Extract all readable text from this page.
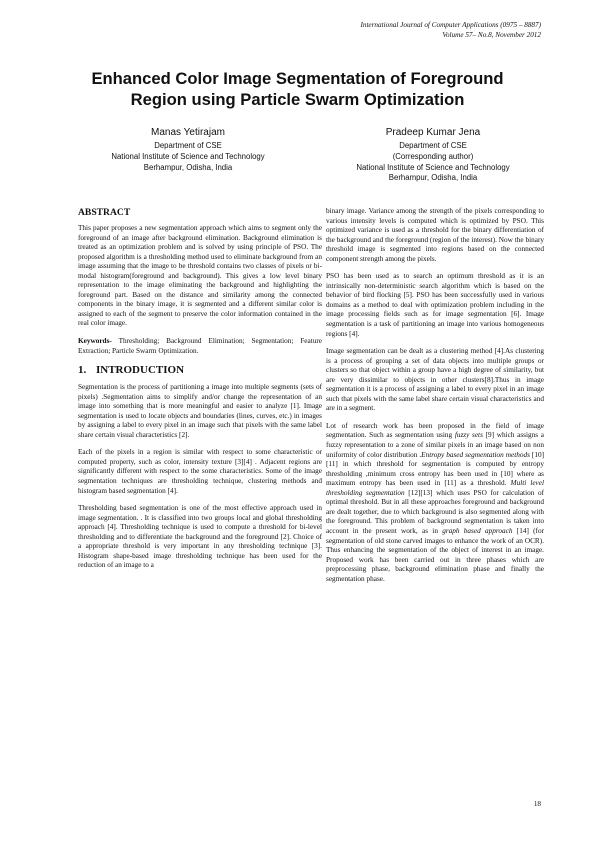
International Journal of Computer Applications (0975 – 8887)
Volume 57– No.8, November 2012
Enhanced Color Image Segmentation of Foreground
Region using Particle Swarm Optimization
Manas Yetirajam
Department of CSE
National Institute of Science and Technology
Berhampur, Odisha, India
Pradeep Kumar Jena
Department of CSE
(Corresponding author)
National Institute of Science and Technology
Berhampur, Odisha, India
ABSTRACT

This paper proposes a new segmentation approach which aims to segment only the foreground of an image after background elimination. Background elimination is treated as an optimization problem and is solved by using principle of PSO. The proposed algorithm is a thresholding method used to eliminate background from an image assuming that the image to be threshold contains two classes of pixels or bi-modal histogram(foreground and background). This gives a low level binary representation to the image eliminating the background and highlighting the foreground part. Based on the distance and similarity among the connected components in the binary image, it is segmented and a different similar color is assigned to each of the segment to preserve the color information contained in the real color image.

Keywords- Thresholding; Background Elimination; Segmentation; Feature Extraction; Particle Swarm Optimization.

1. INTRODUCTION

Segmentation is the process of partitioning a image into multiple segments (sets of pixels) .Segmentation aims to simplify and/or change the representation of an image into something that is more meaningful and easier to analyze [1]. Image segmentation is used to locate objects and boundaries (lines, curves, etc.) in images by assigning a label to every pixel in an image such that pixels with the same label share certain visual characteristics [2].

Each of the pixels in a region is similar with respect to some characteristic or computed property, such as color, intensity texture [3][4] . Adjacent regions are significantly different with respect to the some characteristics. Some of the image segmentation techniques are thresholding technique, clustering methods and histogram based segmentation [4].

Thresholding based segmentation is one of the most effective approach used in image segmentation. . It is classified into two groups local and global thresholding approach [4]. Thresholding technique is used to compute a threshold for bi-level thresholding and to differentiate the background and the foreground [2]. Choice of a appropriate threshold is very important in any thresholding technique [3]. Histogram shape-based image thresholding technique has been used for the reduction of an image to a

binary image. Variance among the strength of the pixels corresponding to various intensity levels is computed which is optimized by PSO. This optimized variance is used as a threshold for the binary differentiation of the background and the foreground (region of the interest). Now the binary threshold image is segmented into regions based on the connected component strength among the pixels.

PSO has been used as to search an optimum threshold as it is an intrinsically non-deterministic search algorithm which is based on the behavior of bird flocking [5]. PSO has been successfully used in various domains as a method to deal with optimization problem including in the image processing fields such as for image segmentation [6]. Image segmentation is a task of partitioning an image into various homogeneous regions [4].

Image segmentation can be dealt as a clustering method [4].As clustering is a process of grouping a set of data objects into multiple groups or clusters so that object within a group have a high degree of similarity, but are very dissimilar to objects in other clusters[8].Thus in image segmentation it is a process of assigning a label to every pixel in an image such that pixels with the same label share certain visual characteristics and are in a segment.

Lot of research work has been proposed in the field of image segmentation. Such as segmentation using fuzzy sets [9] which assigns a fuzzy representation to a zone of similar pixels in an image based on non uniformity of color distribution .Entropy based segmentation methods [10][11] in which threshold for segmentation is computed by entropy thresholding ,minimum cross entropy has been used in [10] where as maximum entropy has been used in [11] as a threshold. Multi level thresholding segmentation [12][13] which uses PSO for calculation of optimal threshold. But in all these approaches foreground and background are dealt together, due to which background is also segmented along with the foreground. This problem of background segmentation is taken into account in the present work, as in graph based approach [14] (for segmentation of old stone carved images to enhance the work of an OCR). Thus enhancing the segmentation of the object of interest in an image. Proposed work has been carried out in three phases which are preprocessing phase, background elimination phase and finally the segmentation phase.

18
